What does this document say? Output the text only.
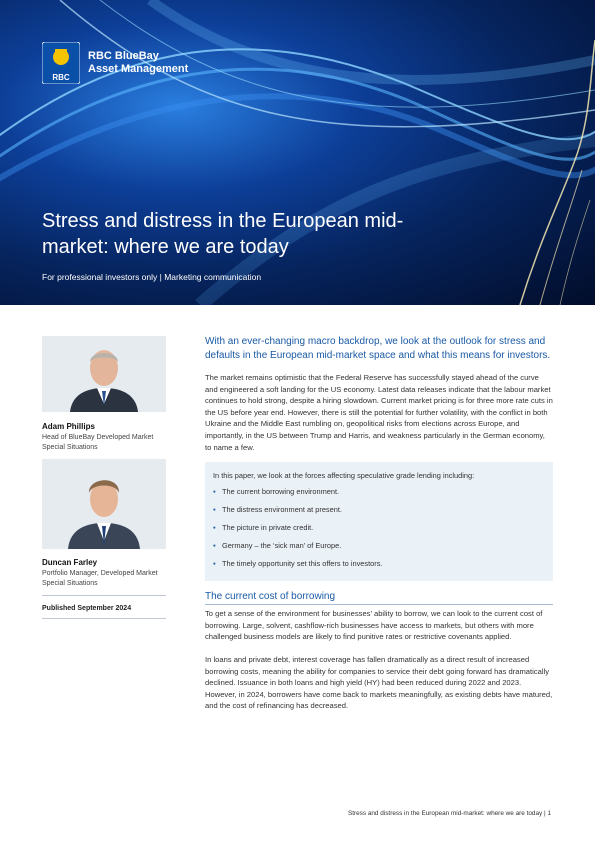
RBC
RBC BlueBay
Asset Management
Stress and distress in the European mid-market: where we are today
For professional investors only | Marketing communication
Adam Phillips
Head of BlueBay Developed Market Special Situations
Duncan Farley
Portfolio Manager, Developed Market Special Situations
Published September 2024
With an ever-changing macro backdrop, we look at the outlook for stress and defaults in the European mid-market space and what this means for investors.
The market remains optimistic that the Federal Reserve has successfully stayed ahead of the curve and engineered a soft landing for the US economy. Latest data releases indicate that the labour market continues to hold strong, despite a hiring slowdown. Current market pricing is for three more rate cuts in the US before year end. However, there is still the potential for further volatility, with the conflict in both Ukraine and the Middle East rumbling on, geopolitical risks from elections across Europe, and importantly, in the US between Trump and Harris, and weakness particularly in the German economy, to name a few.
In this paper, we look at the forces affecting speculative grade lending including:
▪ The current borrowing environment.
▪ The distress environment at present.
▪ The picture in private credit.
▪ Germany – the ‘sick man’ of Europe.
▪ The timely opportunity set this offers to investors.
The current cost of borrowing
To get a sense of the environment for businesses’ ability to borrow, we can look to the current cost of borrowing. Large, solvent, cashflow-rich businesses have access to markets, but others with more challenged business models are likely to find punitive rates or restrictive covenants applied.
In loans and private debt, interest coverage has fallen dramatically as a direct result of increased borrowing costs, meaning the ability for companies to service their debt going forward has dramatically declined. Issuance in both loans and high yield (HY) had been reduced during 2022 and 2023. However, in 2024, borrowers have come back to markets meaningfully, as existing debts have matured, and the cost of refinancing has decreased.
Stress and distress in the European mid-market: where we are today | 1
